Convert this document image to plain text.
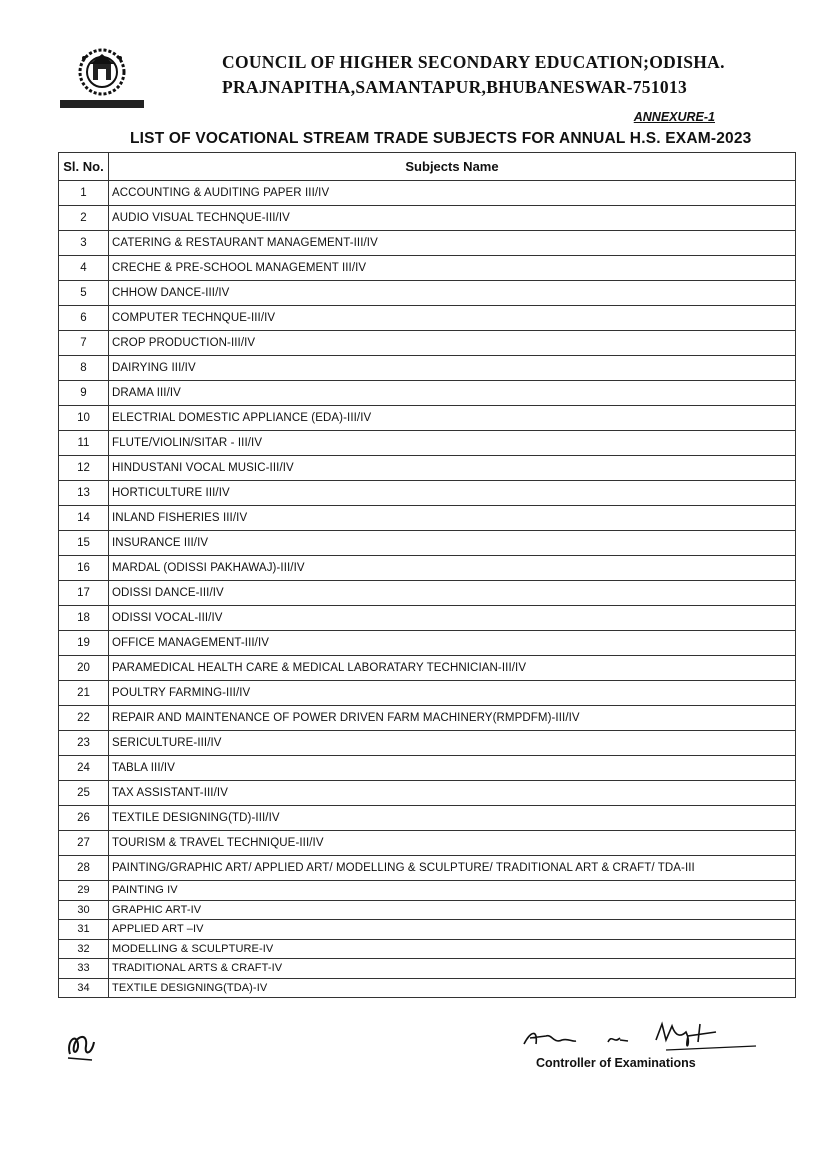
COUNCIL OF HIGHER SECONDARY EDUCATION;ODISHA.
PRAJNAPITHA,SAMANTAPUR,BHUBANESWAR-751013
ANNEXURE-1
LIST OF VOCATIONAL STREAM TRADE SUBJECTS FOR ANNUAL H.S. EXAM-2023
Sl. No.	Subjects Name
1	ACCOUNTING & AUDITING PAPER III/IV
2	AUDIO VISUAL TECHNQUE-III/IV
3	CATERING & RESTAURANT MANAGEMENT-III/IV
4	CRECHE & PRE-SCHOOL MANAGEMENT III/IV
5	CHHOW DANCE-III/IV
6	COMPUTER TECHNQUE-III/IV
7	CROP PRODUCTION-III/IV
8	DAIRYING III/IV
9	DRAMA III/IV
10	ELECTRIAL DOMESTIC APPLIANCE (EDA)-III/IV
11	FLUTE/VIOLIN/SITAR - III/IV
12	HINDUSTANI VOCAL MUSIC-III/IV
13	HORTICULTURE III/IV
14	INLAND FISHERIES III/IV
15	INSURANCE III/IV
16	MARDAL (ODISSI PAKHAWAJ)-III/IV
17	ODISSI DANCE-III/IV
18	ODISSI VOCAL-III/IV
19	OFFICE MANAGEMENT-III/IV
20	PARAMEDICAL HEALTH CARE & MEDICAL LABORATARY TECHNICIAN-III/IV
21	POULTRY FARMING-III/IV
22	REPAIR AND MAINTENANCE OF POWER DRIVEN FARM MACHINERY(RMPDFM)-III/IV
23	SERICULTURE-III/IV
24	TABLA III/IV
25	TAX ASSISTANT-III/IV
26	TEXTILE DESIGNING(TD)-III/IV
27	TOURISM & TRAVEL TECHNIQUE-III/IV
28	PAINTING/GRAPHIC ART/ APPLIED ART/ MODELLING & SCULPTURE/ TRADITIONAL ART & CRAFT/ TDA-III
29	PAINTING IV
30	GRAPHIC ART-IV
31	APPLIED ART –IV
32	MODELLING & SCULPTURE-IV
33	TRADITIONAL ARTS & CRAFT-IV
34	TEXTILE DESIGNING(TDA)-IV
Controller of Examinations
